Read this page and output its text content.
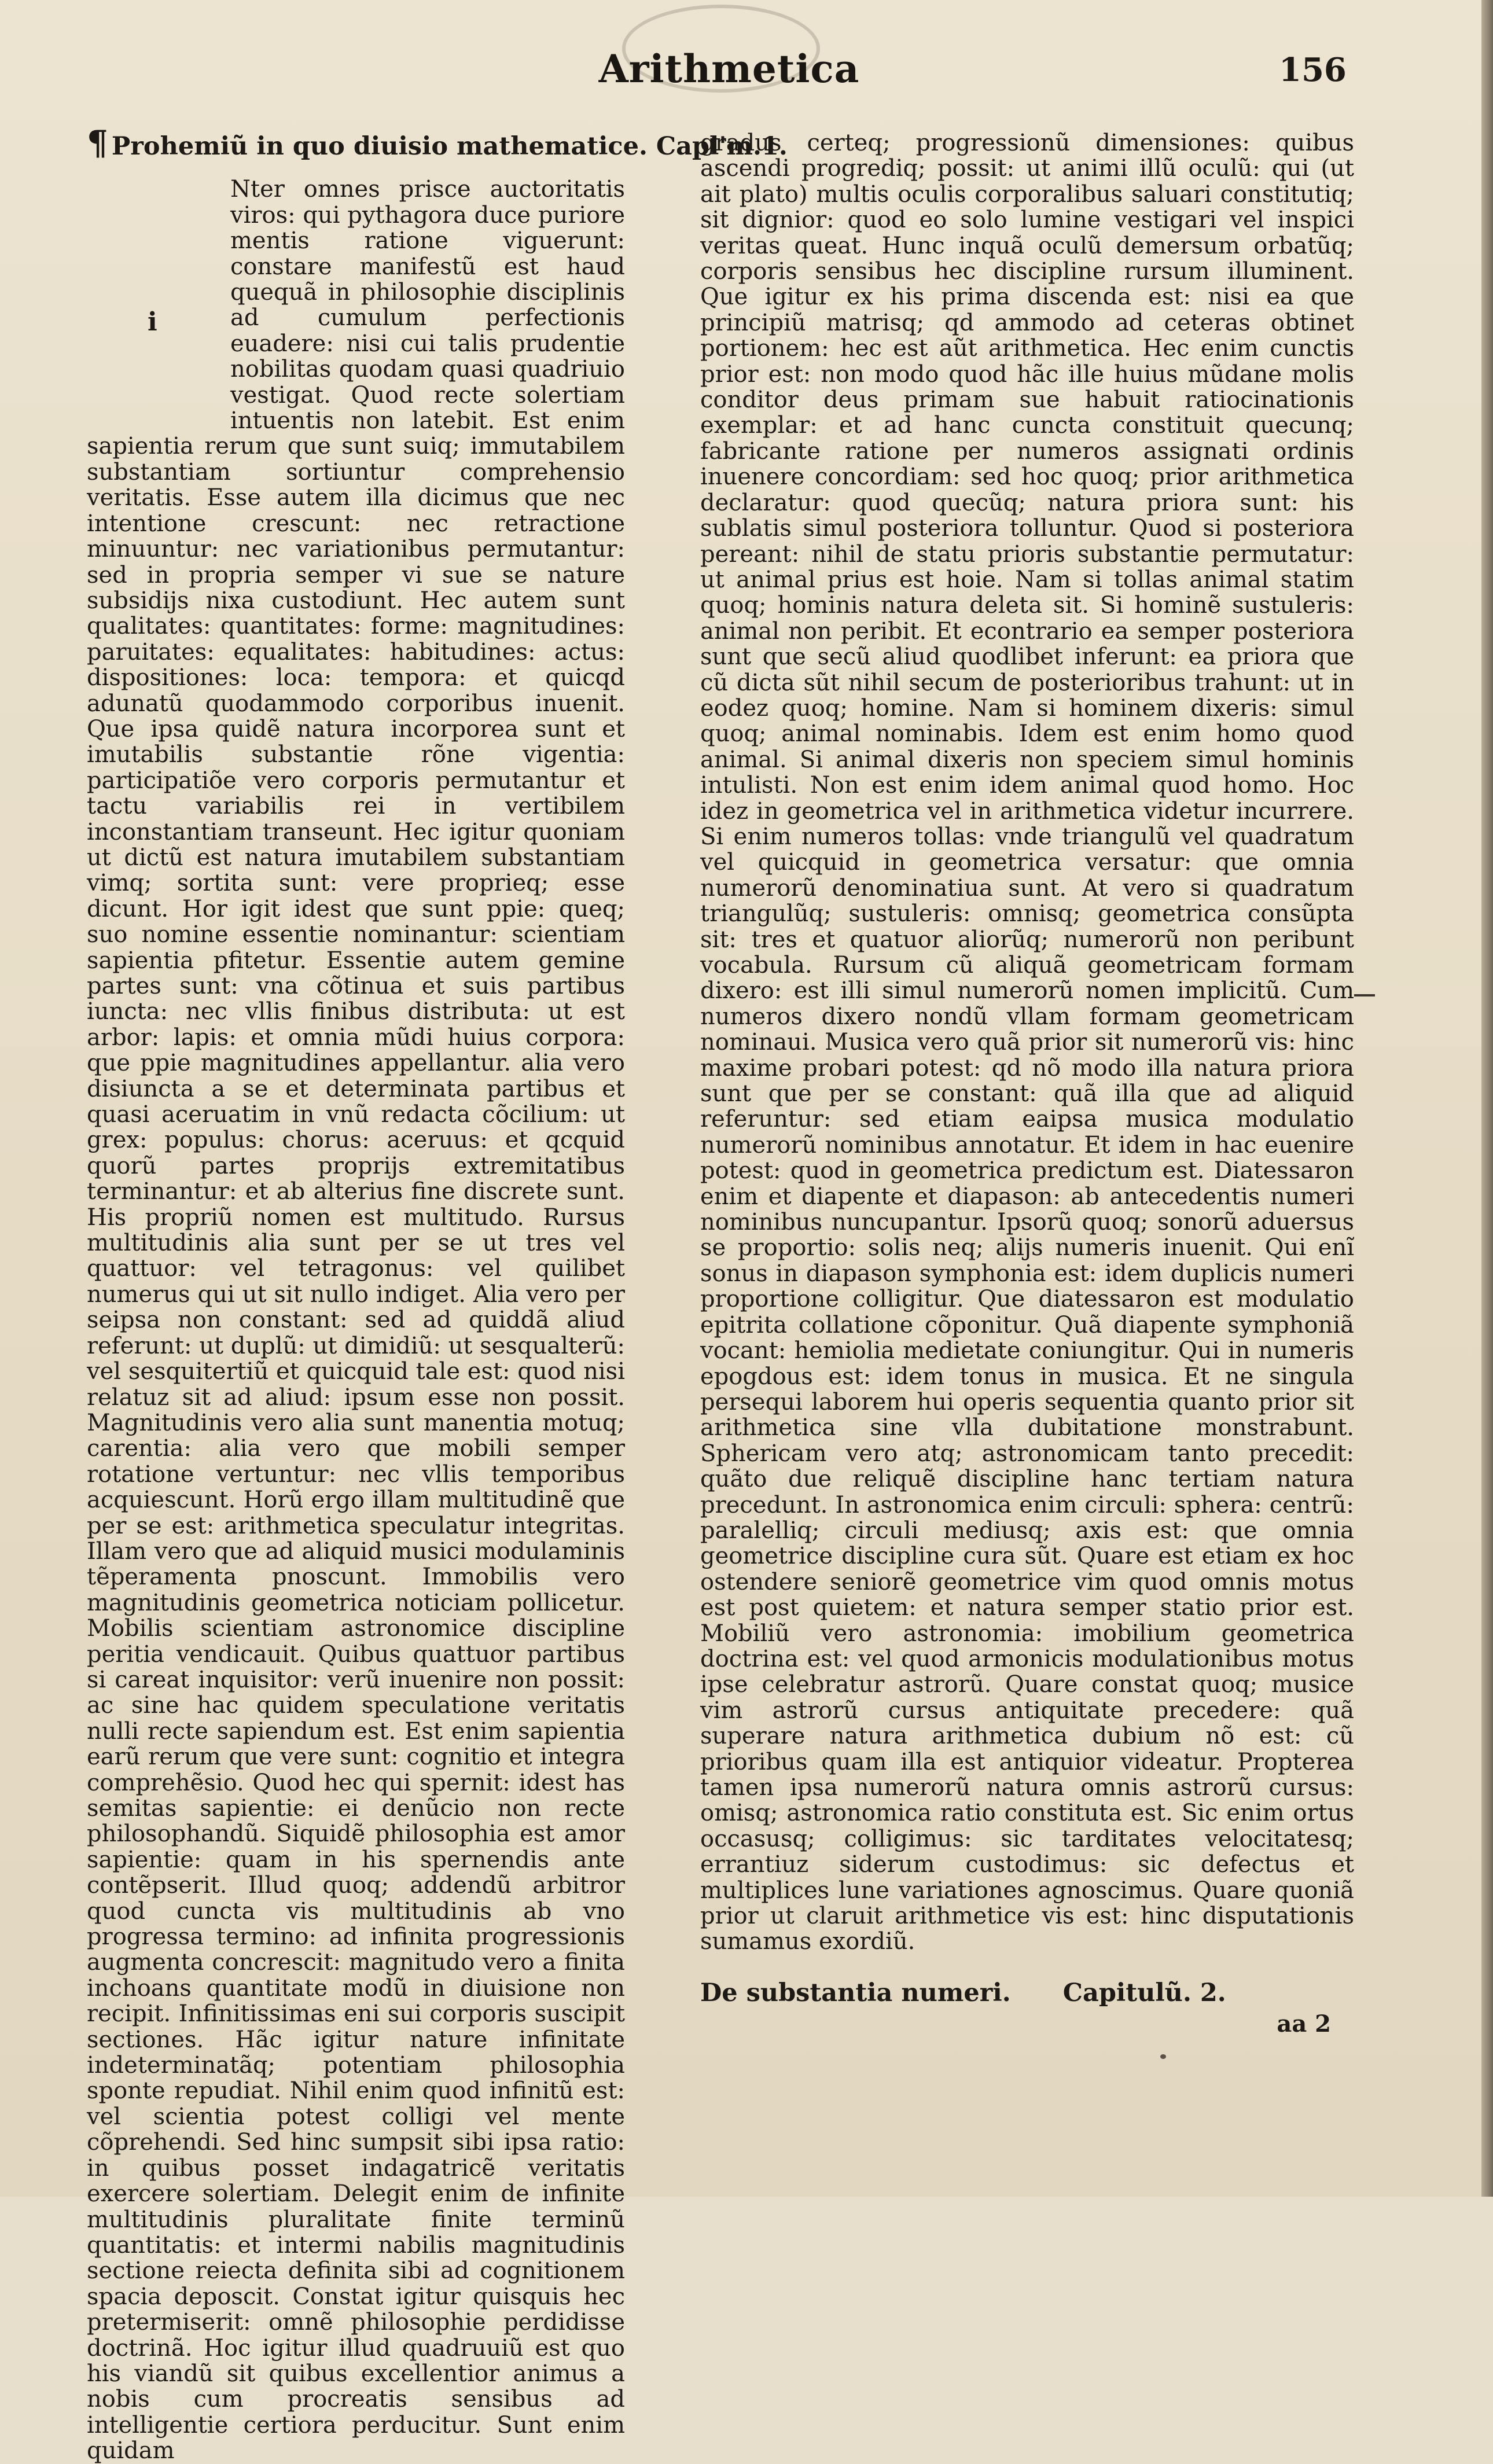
Arithmetica	156
¶ Prohemiũ in quo diuisio mathematice. Capl'm.1.

i
Nter omnes prisce auctoritatis viros: qui pythagora duce puriore mentis ratione viguerunt: constare manifestũ est haud quequã in philosophie disciplinis ad cumulum perfectionis euadere: nisi cui talis prudentie nobilitas quodam quasi quadriuio vestigat. Quod recte solertiam intuentis non latebit. Est enim sapientia rerum que sunt suiq; immutabilem substantiam sortiuntur comprehensio veritatis. Esse autem illa dicimus que nec intentione crescunt: nec retractione minuuntur: nec variationibus permutantur: sed in propria semper vi sue se nature subsidijs nixa custodiunt. Hec autem sunt qualitates: quantitates: forme: magnitudines: paruitates: equalitates: habitudines: actus: dispositiones: loca: tempora: et quicqd adunatũ quodammodo corporibus inuenit. Que ipsa quidẽ natura incorporea sunt et imutabilis substantie rõne vigentia: participatiõe vero corporis permutantur et tactu variabilis rei in vertibilem inconstantiam transeunt. Hec igitur quoniam ut dictũ est natura imutabilem substantiam vimq; sortita sunt: vere proprieq; esse dicunt. Hor igit idest que sunt ppie: queq; suo nomine essentie nominantur: scientiam sapientia pfitetur. Essentie autem gemine partes sunt: vna cõtinua et suis partibus iuncta: nec vllis finibus distributa: ut est arbor: lapis: et omnia mũdi huius corpora: que ppie magnitudines appellantur. alia vero disiuncta a se et determinata partibus et quasi aceruatim in vnũ redacta cõcilium: ut grex: populus: chorus: aceruus: et qcquid quorũ partes proprijs extremitatibus terminantur: et ab alterius fine discrete sunt. His propriũ nomen est multitudo. Rursus multitudinis alia sunt per se ut tres vel quattuor: vel tetragonus: vel quilibet numerus qui ut sit nullo indiget. Alia vero per seipsa non constant: sed ad quiddã aliud referunt: ut duplũ: ut dimidiũ: ut sesqualterũ: vel sesquitertiũ et quicquid tale est: quod nisi relatuz sit ad aliud: ipsum esse non possit. Magnitudinis vero alia sunt manentia motuq; carentia: alia vero que mobili semper rotatione vertuntur: nec vllis temporibus acquiescunt. Horũ ergo illam multitudinẽ que per se est: arithmetica speculatur integritas. Illam vero que ad aliquid musici modulaminis tẽperamenta pnoscunt. Immobilis vero magnitudinis geometrica noticiam pollicetur. Mobilis scientiam astronomice discipline peritia vendicauit. Quibus quattuor partibus si careat inquisitor: verũ inuenire non possit: ac sine hac quidem speculatione veritatis nulli recte sapiendum est. Est enim sapientia earũ rerum que vere sunt: cognitio et integra comprehẽsio. Quod hec qui spernit: idest has semitas sapientie: ei denũcio non recte philosophandũ. Siquidẽ philosophia est amor sapientie: quam in his spernendis ante contẽpserit. Illud quoq; addendũ arbitror quod cuncta vis multitudinis ab vno progressa termino: ad infinita progressionis augmenta concrescit: magnitudo vero a finita inchoans quantitate modũ in diuisione non recipit. Infinitissimas eni sui corporis suscipit sectiones. Hãc igitur nature infinitate indeterminatãq; potentiam philosophia sponte repudiat. Nihil enim quod infinitũ est: vel scientia potest colligi vel mente cõprehendi. Sed hinc sumpsit sibi ipsa ratio: in quibus posset indagatricẽ veritatis exercere solertiam. Delegit enim de infinite multitudinis pluralitate finite terminũ quantitatis: et intermi nabilis magnitudinis sectione reiecta definita sibi ad cognitionem spacia deposcit. Constat igitur quisquis hec pretermiserit: omnẽ philosophie perdidisse doctrinã. Hoc igitur illud quadruuiũ est quo his viandũ sit quibus excellentior animus a nobis cum procreatis sensibus ad intelligentie certiora perducitur. Sunt enim quidam

gradus certeq; progressionũ dimensiones: quibus ascendi progrediq; possit: ut animi illũ oculũ: qui (ut ait plato) multis oculis corporalibus saluari constitutiq; sit dignior: quod eo solo lumine vestigari vel inspici veritas queat. Hunc inquã oculũ demersum orbatũq; corporis sensibus hec discipline rursum illuminent. Que igitur ex his prima discenda est: nisi ea que principiũ matrisq; qd ammodo ad ceteras obtinet portionem: hec est aũt arithmetica. Hec enim cunctis prior est: non modo quod hãc ille huius mũdane molis conditor deus primam sue habuit ratiocinationis exemplar: et ad hanc cuncta constituit quecunq; fabricante ratione per numeros assignati ordinis inuenere concordiam: sed hoc quoq; prior arithmetica declaratur: quod quecũq; natura priora sunt: his sublatis simul posteriora tolluntur. Quod si posteriora pereant: nihil de statu prioris substantie permutatur: ut animal prius est hoie. Nam si tollas animal statim quoq; hominis natura deleta sit. Si hominẽ sustuleris: animal non peribit. Et econtrario ea semper posteriora sunt que secũ aliud quodlibet inferunt: ea priora que cũ dicta sũt nihil secum de posterioribus trahunt: ut in eodez quoq; homine. Nam si hominem dixeris: simul quoq; animal nominabis. Idem est enim homo quod animal. Si animal dixeris non speciem simul hominis intulisti. Non est enim idem animal quod homo. Hoc idez in geometrica vel in arithmetica videtur incurrere. Si enim numeros tollas: vnde triangulũ vel quadratum vel quicquid in geometrica versatur: que omnia numerorũ denominatiua sunt. At vero si quadratum triangulũq; sustuleris: omnisq; geometrica consũpta sit: tres et quatuor aliorũq; numerorũ non peribunt vocabula. Rursum cũ aliquã geometricam formam dixero: est illi simul numerorũ nomen implicitũ. Cum numeros dixero nondũ vllam formam geometricam nominaui. Musica vero quã prior sit numerorũ vis: hinc maxime probari potest: qd nõ modo illa natura priora sunt que per se constant: quã illa que ad aliquid referuntur: sed etiam eaipsa musica modulatio numerorũ nominibus annotatur. Et idem in hac euenire potest: quod in geometrica predictum est. Diatessaron enim et diapente et diapason: ab antecedentis numeri nominibus nuncupantur. Ipsorũ quoq; sonorũ aduersus se proportio: solis neq; alijs numeris inuenit. Qui enĩ sonus in diapason symphonia est: idem duplicis numeri proportione colligitur. Que diatessaron est modulatio epitrita collatione cõponitur. Quã diapente symphoniã vocant: hemiolia medietate coniungitur. Qui in numeris epogdous est: idem tonus in musica. Et ne singula persequi laborem hui operis sequentia quanto prior sit arithmetica sine vlla dubitatione monstrabunt. Sphericam vero atq; astronomicam tanto precedit: quãto due reliquẽ discipline hanc tertiam natura precedunt. In astronomica enim circuli: sphera: centrũ: paralelliq; circuli mediusq; axis est: que omnia geometrice discipline cura sũt. Quare est etiam ex hoc ostendere seniorẽ geometrice vim quod omnis motus est post quietem: et natura semper statio prior est. Mobiliũ vero astronomia: imobilium geometrica doctrina est: vel quod armonicis modulationibus motus ipse celebratur astrorũ. Quare constat quoq; musice vim astrorũ cursus antiquitate precedere: quã superare natura arithmetica dubium nõ est: cũ prioribus quam illa est antiquior videatur. Propterea tamen ipsa numerorũ natura omnis astrorũ cursus: omisq; astronomica ratio constituta est. Sic enim ortus occasusq; colligimus: sic tarditates velocitatesq; errantiuz siderum custodimus: sic defectus et multiplices lune variationes agnoscimus. Quare quoniã prior ut claruit arithmetice vis est: hinc disputationis sumamus exordiũ.

De substantia numeri. Capitulũ. 2.
aa 2
